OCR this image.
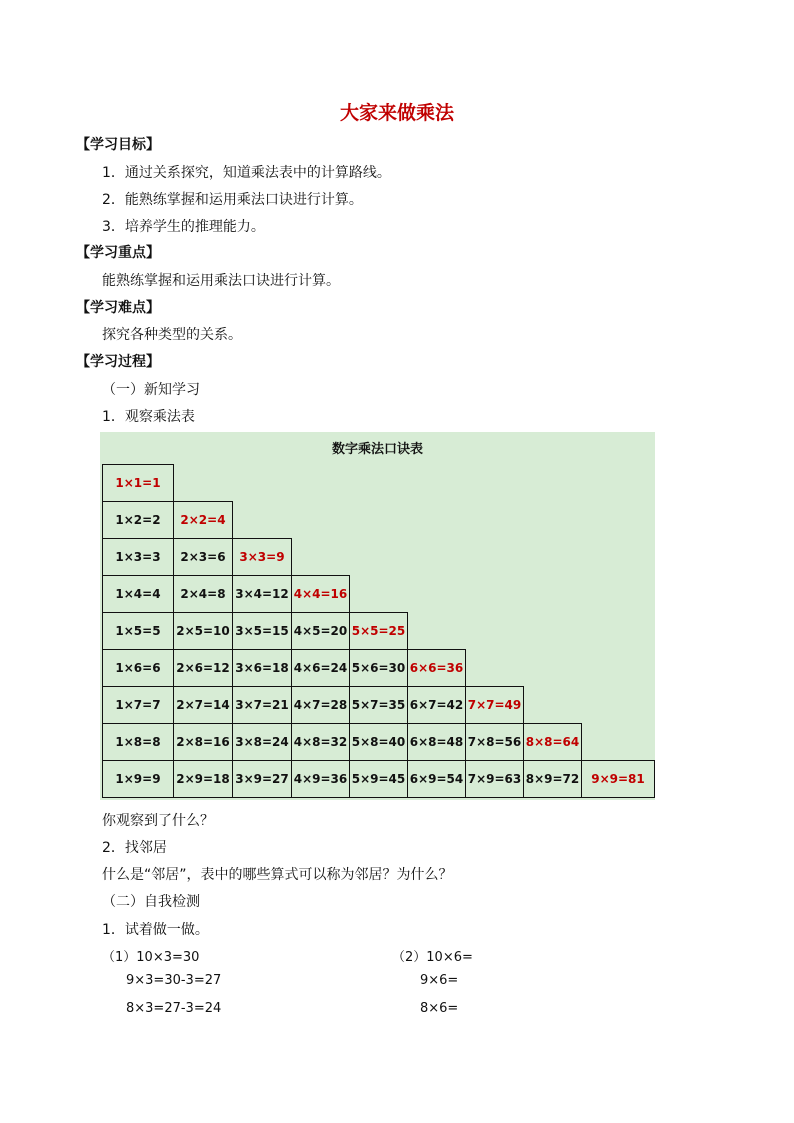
大家来做乘法
【学习目标】
1．通过关系探究，知道乘法表中的计算路线。
2．能熟练掌握和运用乘法口诀进行计算。
3．培养学生的推理能力。
【学习重点】
能熟练掌握和运用乘法口诀进行计算。
【学习难点】
探究各种类型的关系。
【学习过程】
（一）新知学习
1．观察乘法表
数字乘法口诀表
1×1=1
1×2=2	2×2=4
1×3=3	2×3=6	3×3=9
1×4=4	2×4=8 3×4=12 4×4=16
1×5=5	2×5=10 3×5=15 4×5=20 5×5=25
1×6=6	2×6=12 3×6=18 4×6=24 5×6=30 6×6=36
1×7=7	2×7=14 3×7=21 4×7=28 5×7=35 6×7=42 7×7=49
1×8=8	2×8=16 3×8=24 4×8=32 5×8=40 6×8=48 7×8=56 8×8=64
1×9=9	2×9=18 3×9=27 4×9=36 5×9=45 6×9=54 7×9=63 8×9=72 9×9=81
你观察到了什么？
2．找邻居
什么是“邻居”，表中的哪些算式可以称为邻居？为什么？
（二）自我检测
1．试着做一做。
（1）10×3=30
9×3=30-3=27
8×3=27-3=24
（2）10×6=
9×6=
8×6=
